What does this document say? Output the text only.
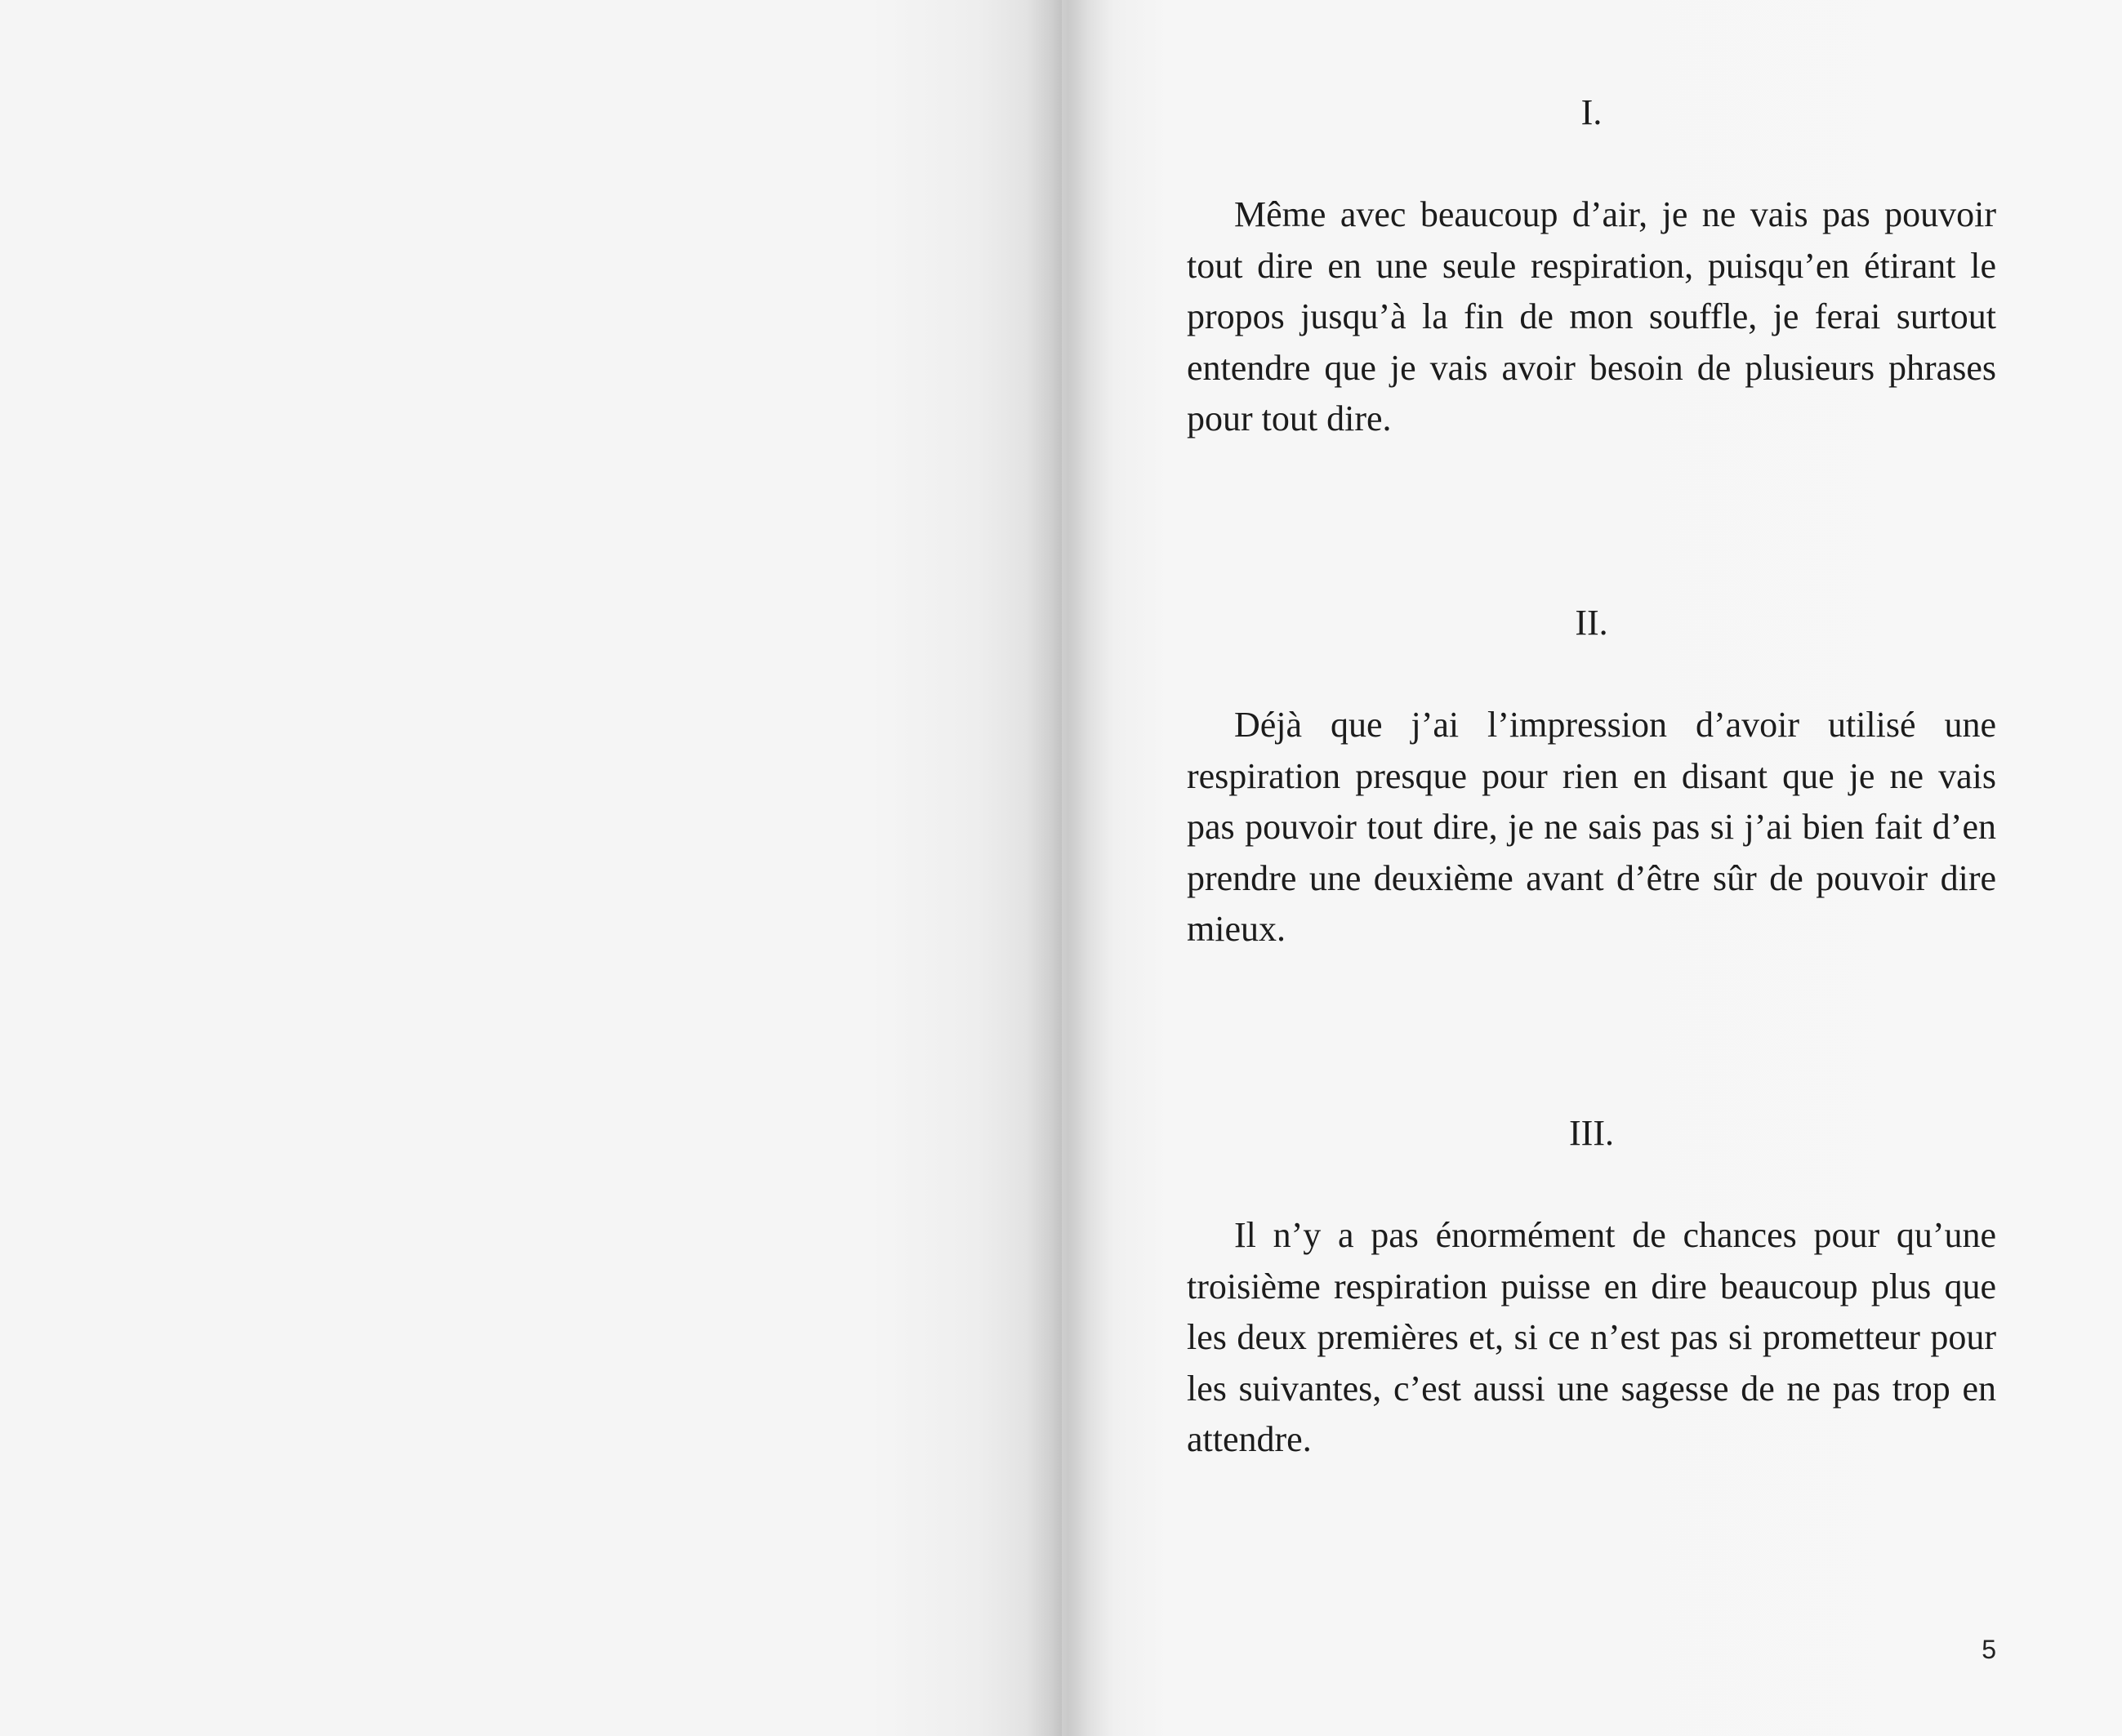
I.

Même avec beaucoup d’air, je ne vais pas pouvoir tout dire en une seule respiration, puisqu’en étirant le propos jusqu’à la fin de mon souffle, je ferai surtout entendre que je vais avoir besoin de plusieurs phrases pour tout dire.

II.

Déjà que j’ai l’impression d’avoir utilisé une respiration presque pour rien en disant que je ne vais pas pouvoir tout dire, je ne sais pas si j’ai bien fait d’en prendre une deuxième avant d’être sûr de pouvoir dire mieux.

III.

Il n’y a pas énormément de chances pour qu’une troisième respiration puisse en dire beaucoup plus que les deux premières et, si ce n’est pas si prometteur pour les suivantes, c’est aussi une sagesse de ne pas trop en attendre.

5
